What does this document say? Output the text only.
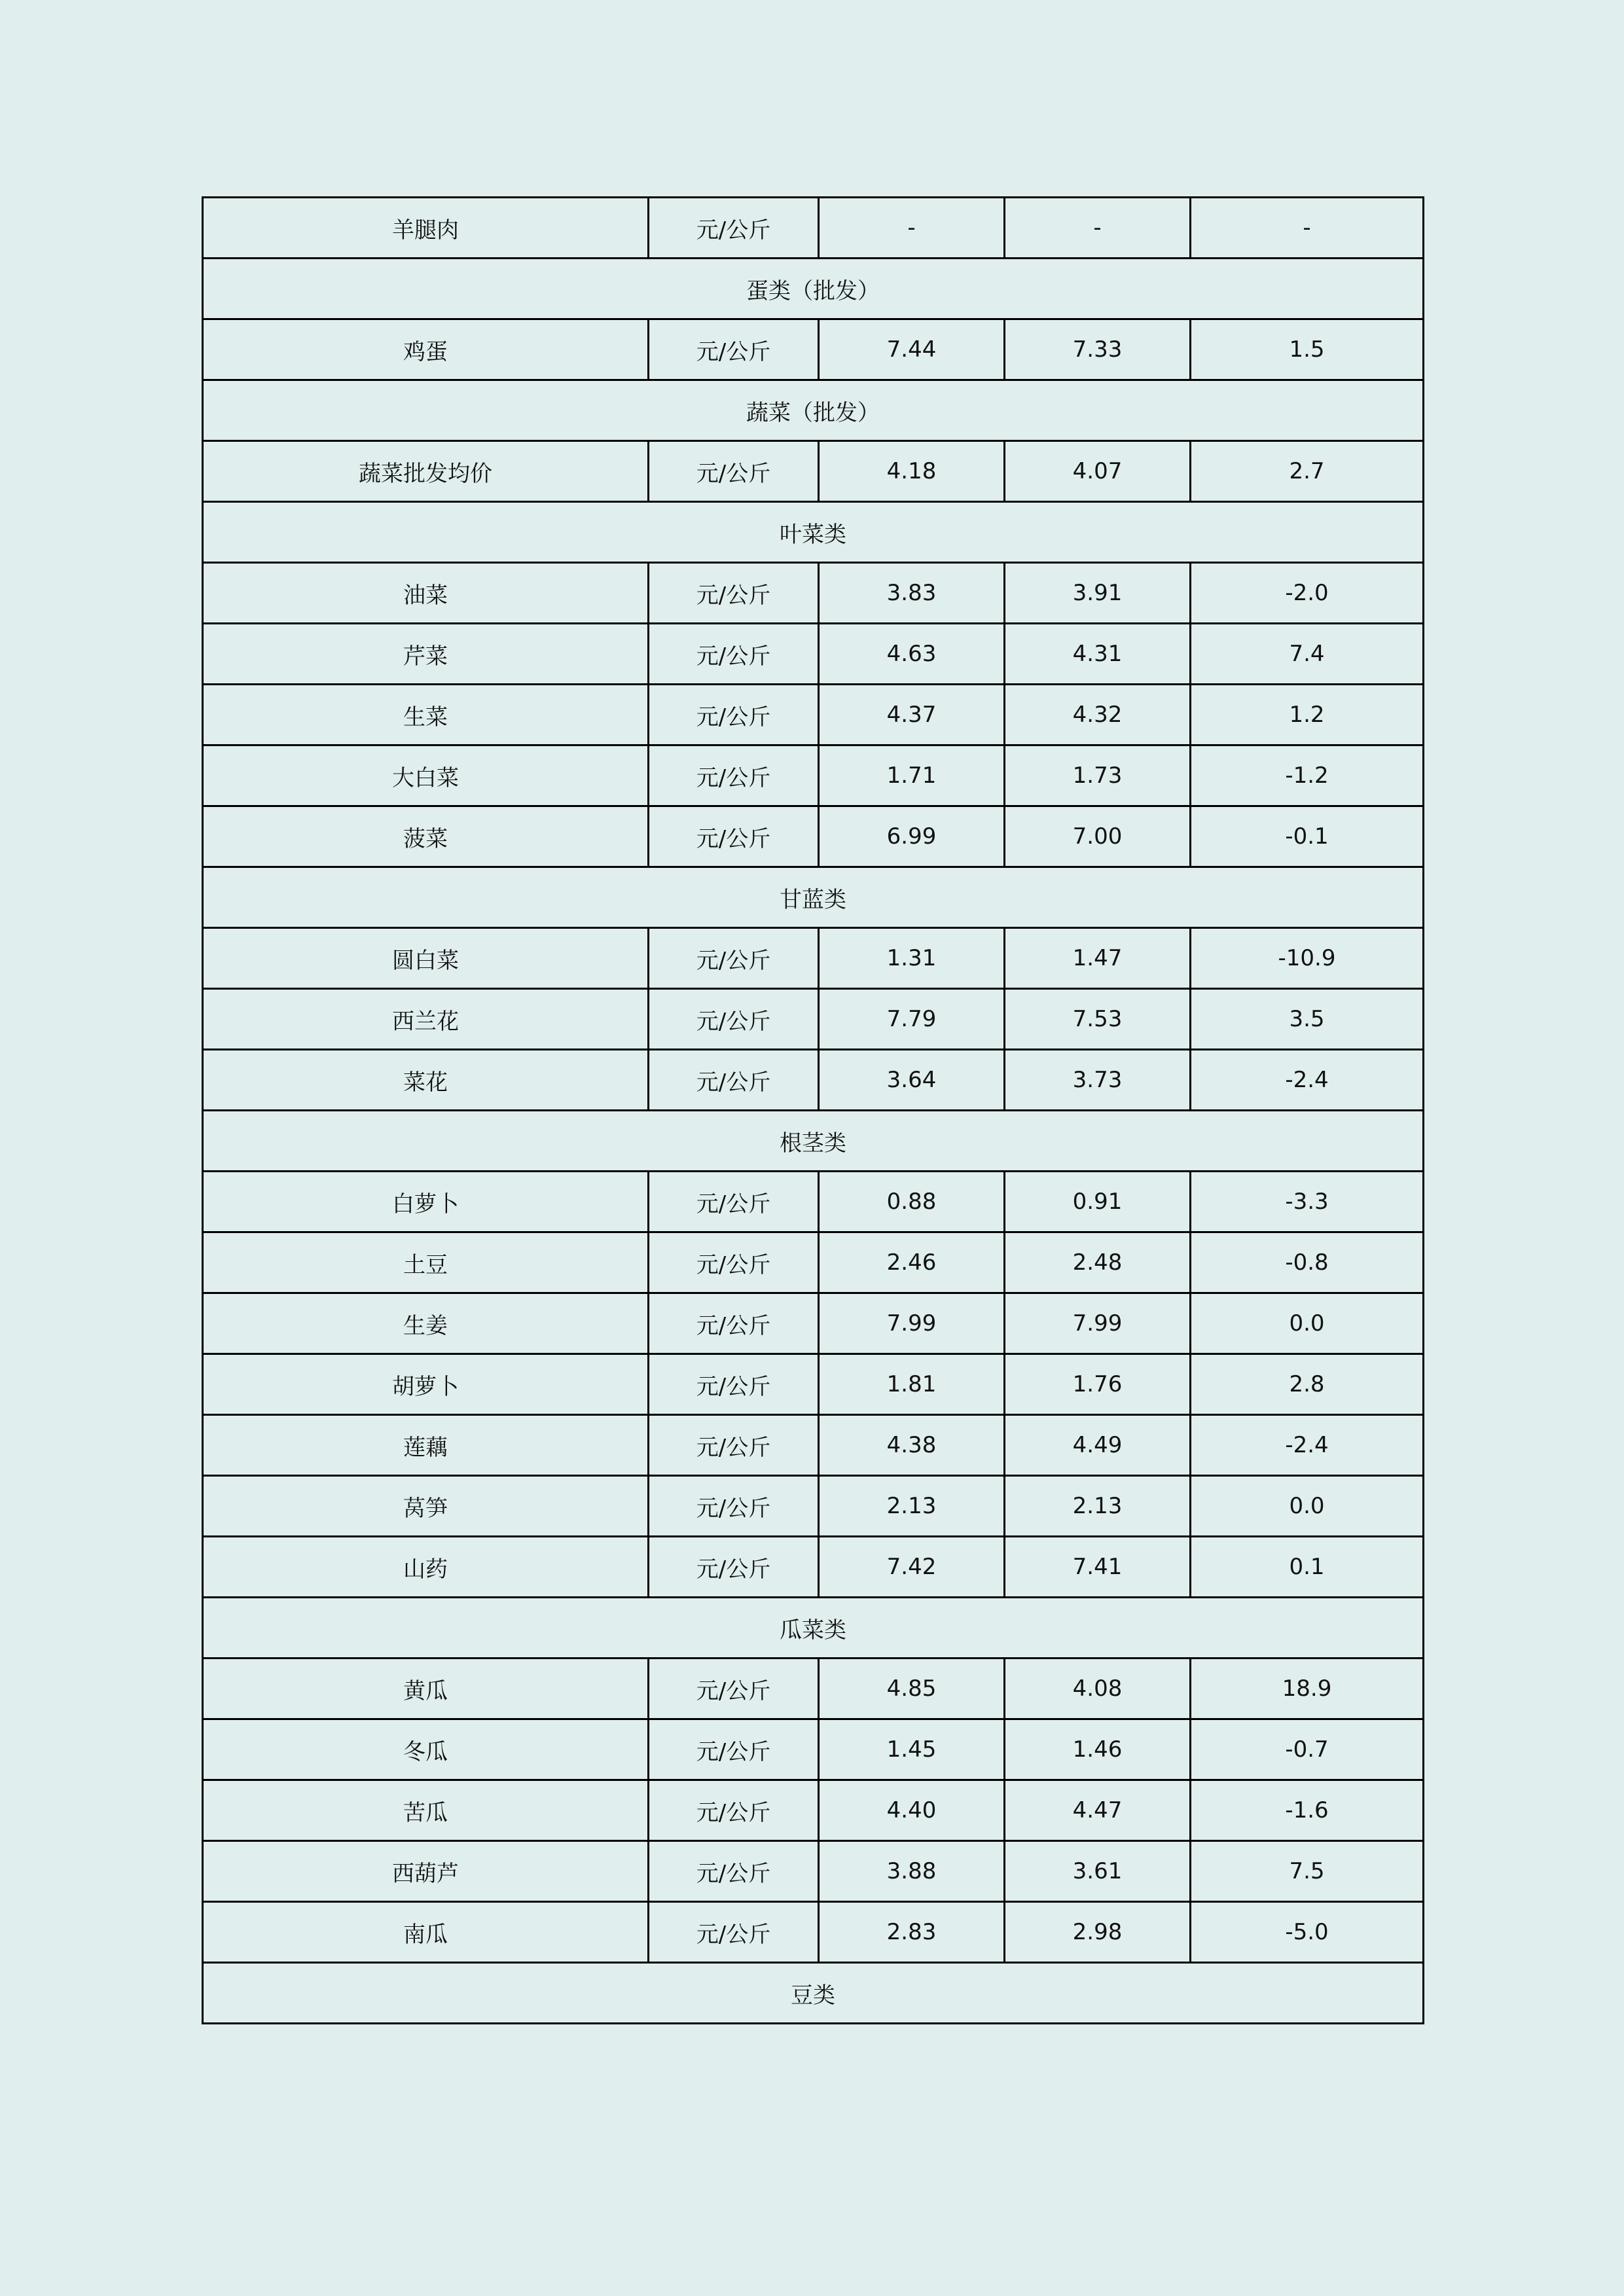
羊腿肉	元/公斤	-	-	-
蛋类（批发）				
鸡蛋	元/公斤	7.44	7.33	1.5
蔬菜（批发）				
蔬菜批发均价	元/公斤	4.18	4.07	2.7
叶菜类				
油菜	元/公斤	3.83	3.91	-2.0
芹菜	元/公斤	4.63	4.31	7.4
生菜	元/公斤	4.37	4.32	1.2
大白菜	元/公斤	1.71	1.73	-1.2
菠菜	元/公斤	6.99	7.00	-0.1
甘蓝类				
圆白菜	元/公斤	1.31	1.47	-10.9
西兰花	元/公斤	7.79	7.53	3.5
菜花	元/公斤	3.64	3.73	-2.4
根茎类				
白萝卜	元/公斤	0.88	0.91	-3.3
土豆	元/公斤	2.46	2.48	-0.8
生姜	元/公斤	7.99	7.99	0.0
胡萝卜	元/公斤	1.81	1.76	2.8
莲藕	元/公斤	4.38	4.49	-2.4
莴笋	元/公斤	2.13	2.13	0.0
山药	元/公斤	7.42	7.41	0.1
瓜菜类				
黄瓜	元/公斤	4.85	4.08	18.9
冬瓜	元/公斤	1.45	1.46	-0.7
苦瓜	元/公斤	4.40	4.47	-1.6
西葫芦	元/公斤	3.88	3.61	7.5
南瓜	元/公斤	2.83	2.98	-5.0
豆类				
